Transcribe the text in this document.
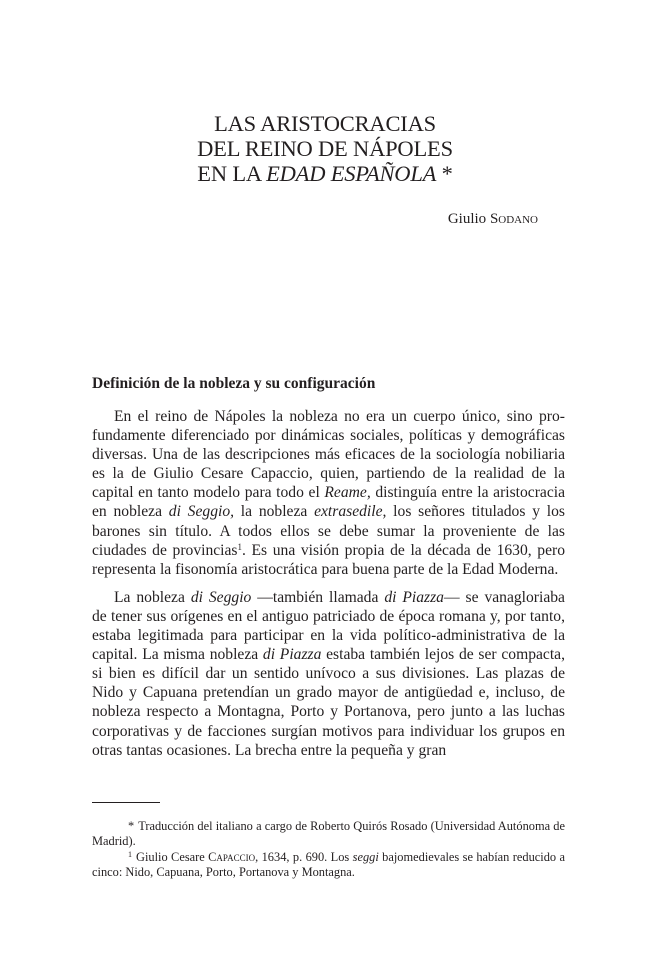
LAS ARISTOCRACIAS
DEL REINO DE NÁPOLES
EN LA EDAD ESPAÑOLA *
Giulio Sodano
Definición de la nobleza y su configuración

En el reino de Nápoles la nobleza no era un cuerpo único, sino profundamente diferenciado por dinámicas sociales, políticas y demográficas diversas. Una de las descripciones más eficaces de la sociología nobiliaria es la de Giulio Cesare Capaccio, quien, partiendo de la realidad de la capital en tanto modelo para todo el Reame, distinguía entre la aristocracia en nobleza di Seggio, la nobleza extrasedile, los señores titulados y los barones sin título. A todos ellos se debe sumar la proveniente de las ciudades de provincias$^1$. Es una visión propia de la década de 1630, pero representa la fisonomía aristocrática para buena parte de la Edad Moderna.

La nobleza di Seggio —también llamada di Piazza— se vanagloriaba de tener sus orígenes en el antiguo patriciado de época romana y, por tanto, estaba legitimada para participar en la vida político-administrativa de la capital. La misma nobleza di Piazza estaba también lejos de ser compacta, si bien es difícil dar un sentido unívoco a sus divisiones. Las plazas de Nido y Capuana pretendían un grado mayor de antigüedad e, incluso, de nobleza respecto a Montagna, Porto y Portanova, pero junto a las luchas corporativas y de facciones surgían motivos para individuar los grupos en otras tantas ocasiones. La brecha entre la pequeña y gran

* Traducción del italiano a cargo de Roberto Quirós Rosado (Universidad Autónoma de Madrid).

$^1$ Giulio Cesare Capaccio, 1634, p. 690. Los seggi bajomedievales se habían reducido a cinco: Nido, Capuana, Porto, Portanova y Montagna.
